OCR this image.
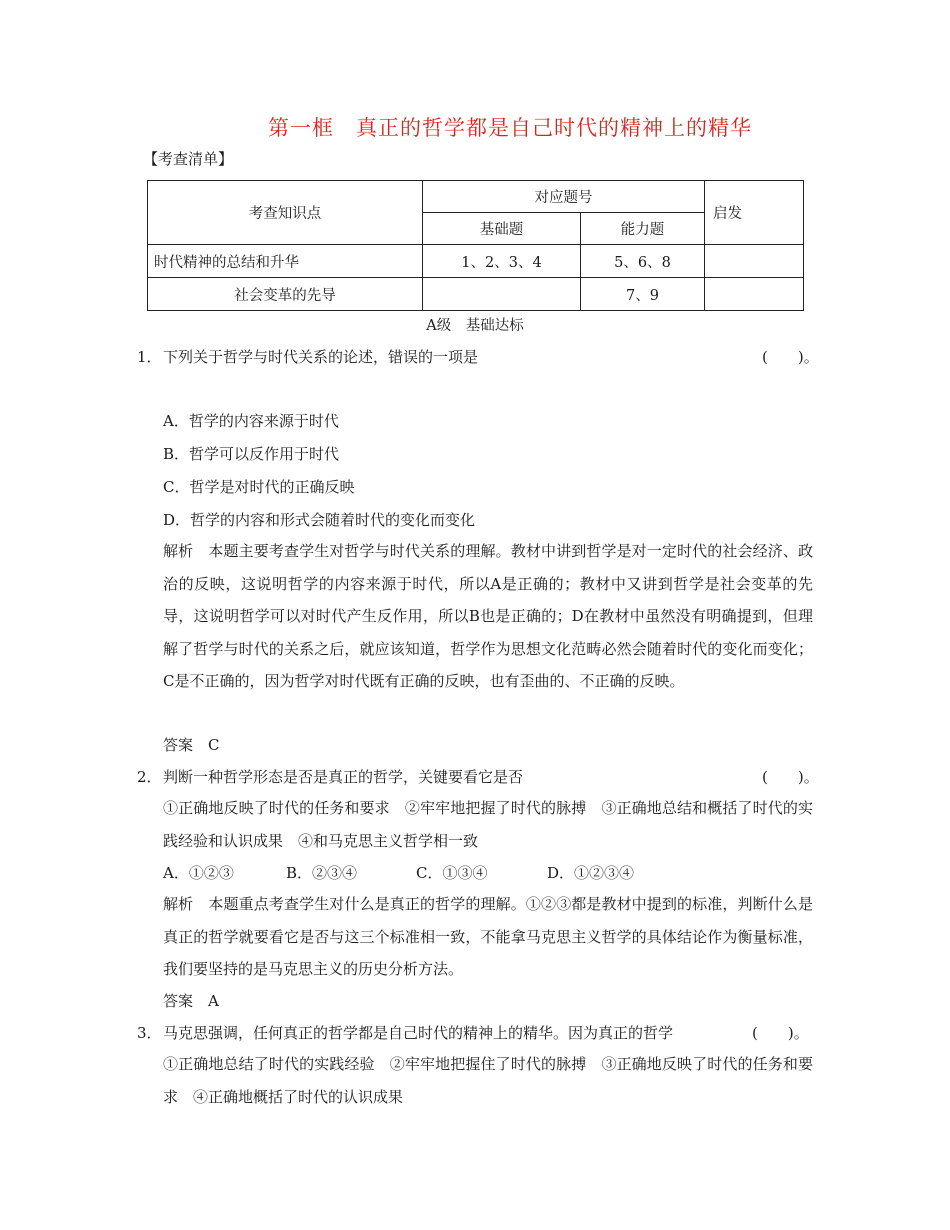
第一框　真正的哲学都是自己时代的精神上的精华
【考查清单】
考查知识点	对应题号		启发
	基础题	能力题	
时代精神的总结和升华	1、2、3、4	5、6、8	
社会变革的先导		7、9	
A级　基础达标
1． 下列关于哲学与时代关系的论述，错误的一项是	(　　)。
A．哲学的内容来源于时代
B．哲学可以反作用于时代
C．哲学是对时代的正确反映
D．哲学的内容和形式会随着时代的变化而变化
解析　本题主要考查学生对哲学与时代关系的理解。教材中讲到哲学是对一定时代的社会经济、政治的反映，这说明哲学的内容来源于时代，所以A是正确的；教材中又讲到哲学是社会变革的先导，这说明哲学可以对时代产生反作用，所以B也是正确的；D在教材中虽然没有明确提到，但理解了哲学与时代的关系之后，就应该知道，哲学作为思想文化范畴必然会随着时代的变化而变化；C是不正确的，因为哲学对时代既有正确的反映，也有歪曲的、不正确的反映。
答案　C
2． 判断一种哲学形态是否是真正的哲学，关键要看它是否	(　　)。
①正确地反映了时代的任务和要求　②牢牢地把握了时代的脉搏　③正确地总结和概括了时代的实践经验和认识成果　④和马克思主义哲学相一致
A．①②③	B．②③④	C．①③④	D．①②③④
解析　本题重点考查学生对什么是真正的哲学的理解。①②③都是教材中提到的标准，判断什么是真正的哲学就要看它是否与这三个标准相一致，不能拿马克思主义哲学的具体结论作为衡量标准，我们要坚持的是马克思主义的历史分析方法。
答案　A
3． 马克思强调，任何真正的哲学都是自己时代的精神上的精华。因为真正的哲学	(　　)。
①正确地总结了时代的实践经验　②牢牢地把握住了时代的脉搏　③正确地反映了时代的任务和要求　④正确地概括了时代的认识成果
